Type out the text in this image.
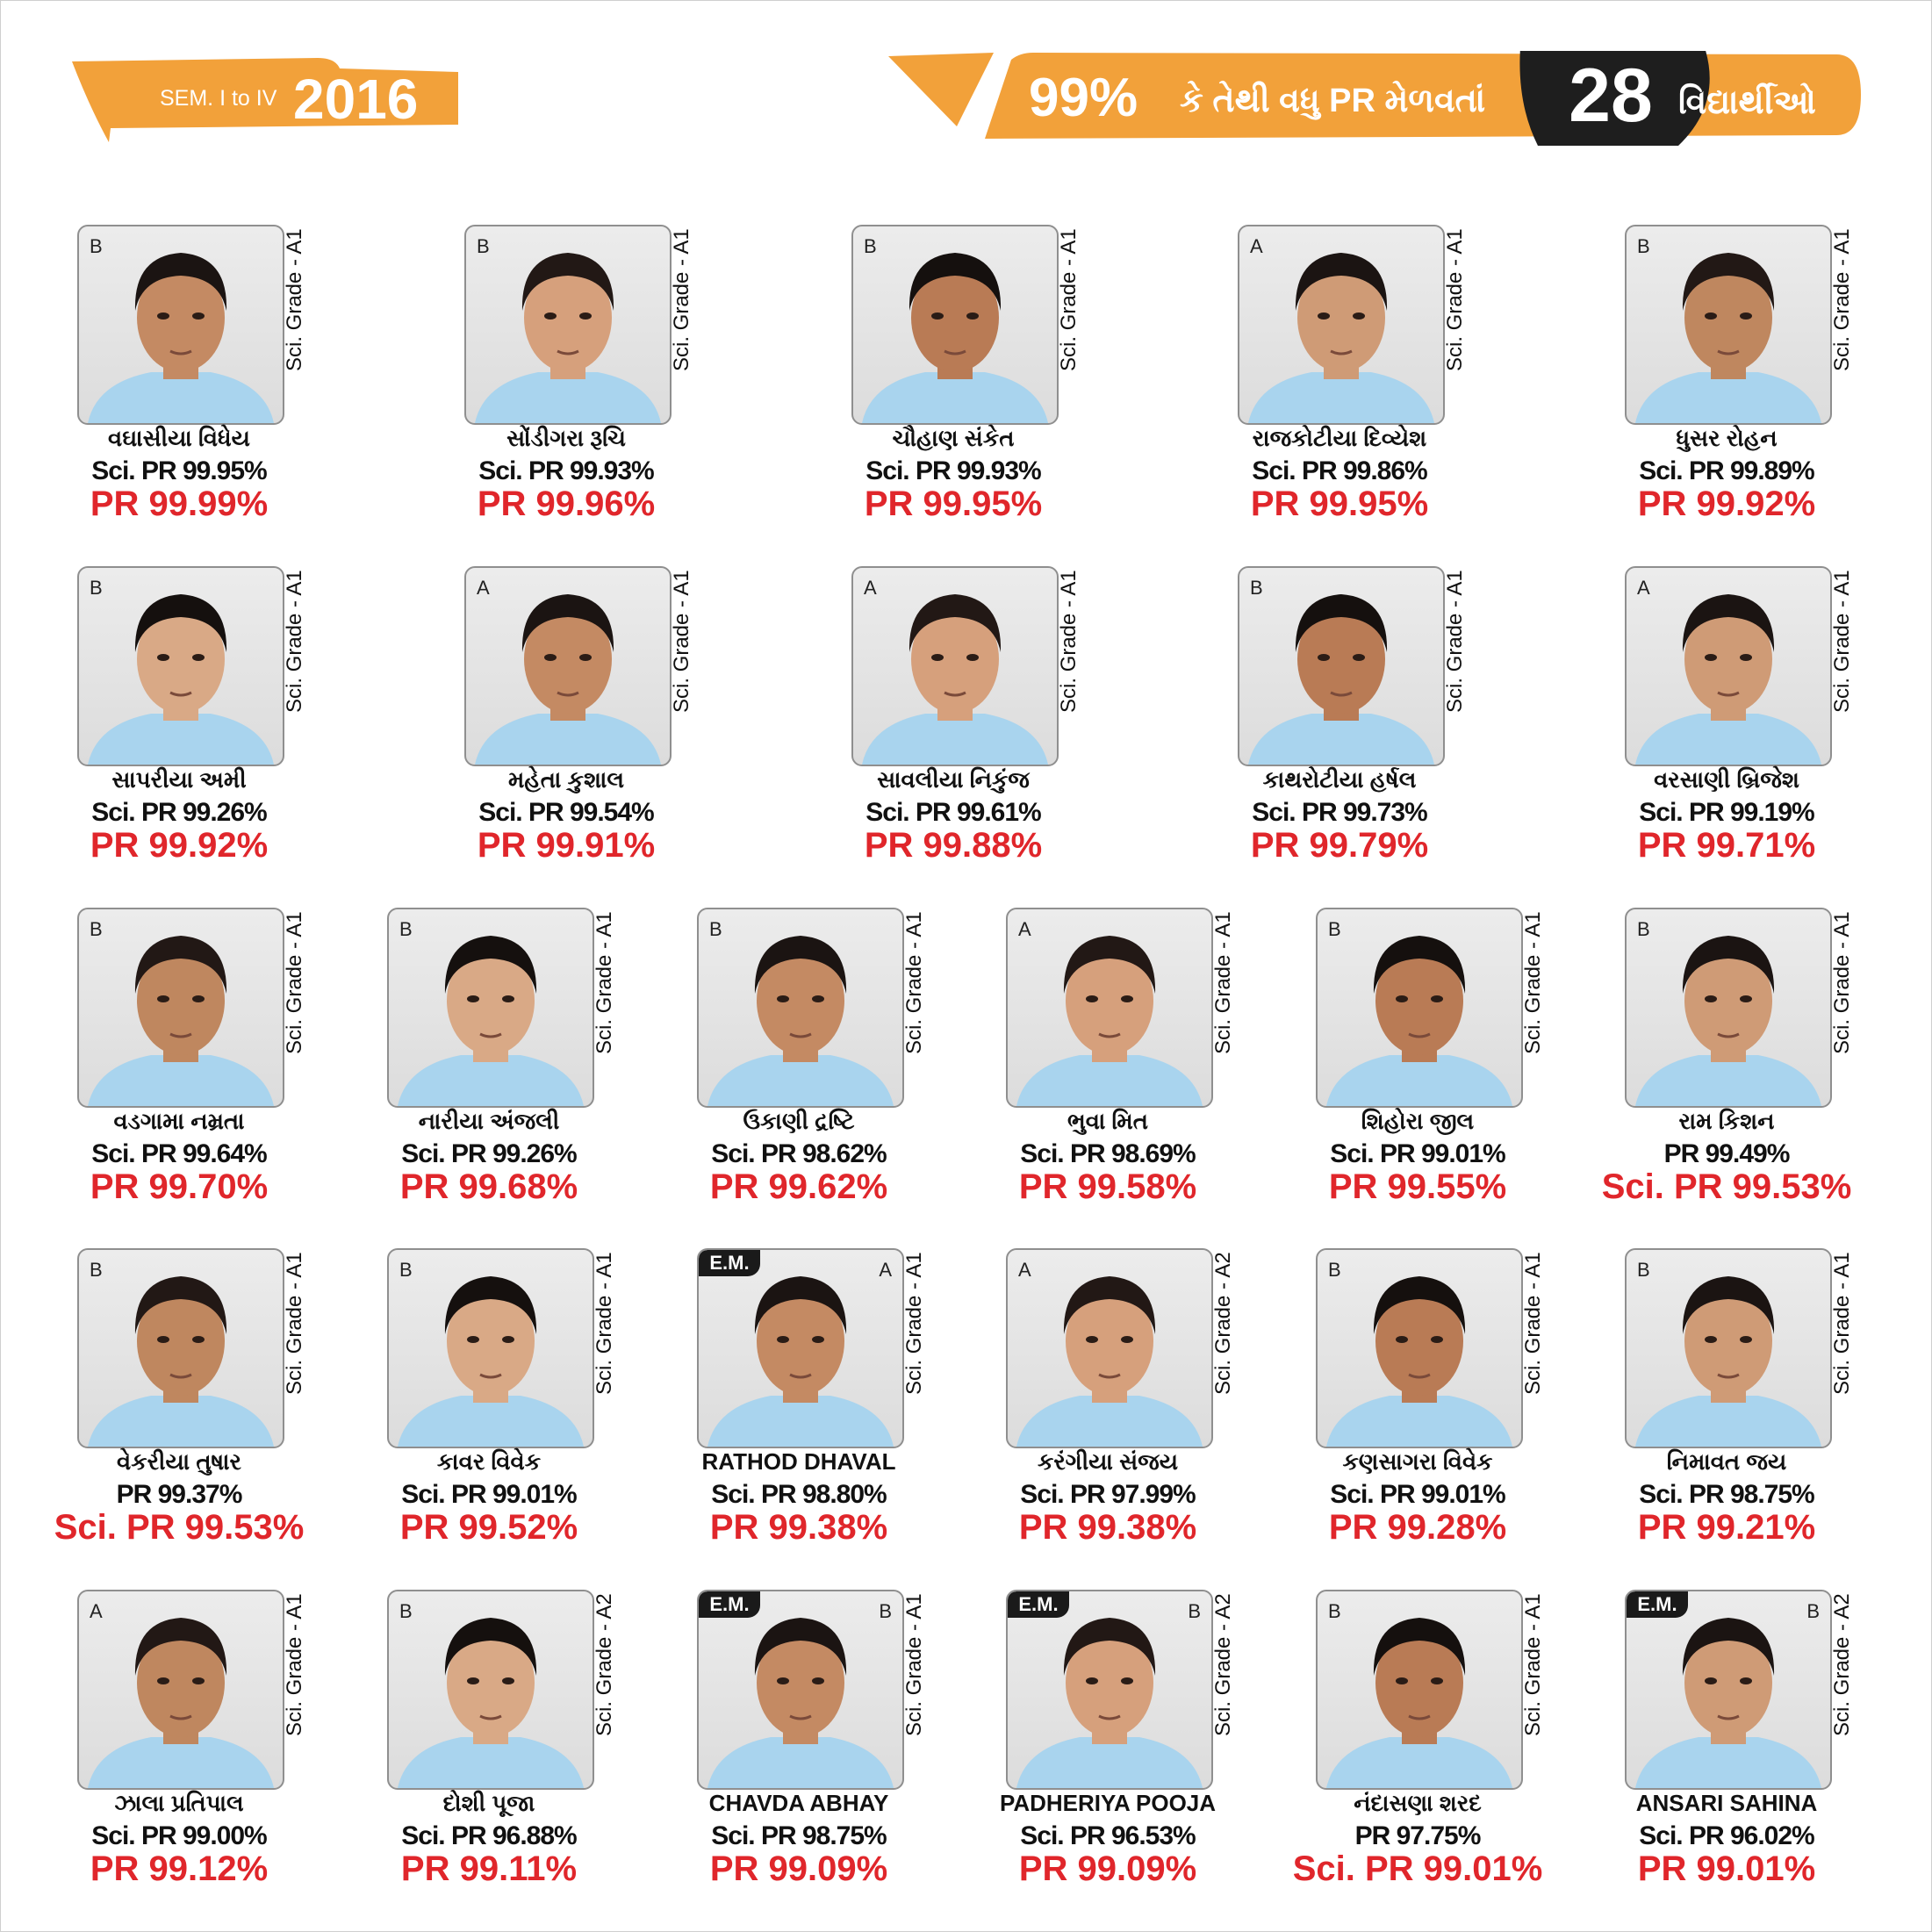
SEM. I to IV 2016	99% કે તેથી વધુ PR મેળવતાં	28 વિદ્યાર્થીઓ
B	Sci. Grade - A1
વઘાસીયા વિધેય
Sci. PR 99.95%
PR 99.99%
B	Sci. Grade - A1
સોંડીગરા રૂચિ
Sci. PR 99.93%
PR 99.96%
B	Sci. Grade - A1
ચૌહાણ સંકેત
Sci. PR 99.93%
PR 99.95%
A	Sci. Grade - A1
રાજકોટીયા દિવ્યેશ
Sci. PR 99.86%
PR 99.95%
B	Sci. Grade - A1
ધુસર રોહન
Sci. PR 99.89%
PR 99.92%
B	Sci. Grade - A1
સાપરીયા અમી
Sci. PR 99.26%
PR 99.92%
A	Sci. Grade - A1
મહેતા કુશાલ
Sci. PR 99.54%
PR 99.91%
A	Sci. Grade - A1
સાવલીયા નિકુંજ
Sci. PR 99.61%
PR 99.88%
B	Sci. Grade - A1
કાથરોટીયા હર્ષલ
Sci. PR 99.73%
PR 99.79%
A	Sci. Grade - A1
વરસાણી બ્રિજેશ
Sci. PR 99.19%
PR 99.71%
B	Sci. Grade - A1
વડગામા નમ્રતા
Sci. PR 99.64%
PR 99.70%
B	Sci. Grade - A1
નારીયા અંજલી
Sci. PR 99.26%
PR 99.68%
B	Sci. Grade - A1
ઉકાણી દ્રષ્ટિ
Sci. PR 98.62%
PR 99.62%
A	Sci. Grade - A1
ભુવા મિત
Sci. PR 98.69%
PR 99.58%
B	Sci. Grade - A1
શિહોરા જીલ
Sci. PR 99.01%
PR 99.55%
B	Sci. Grade - A1
રામ કિશન
PR 99.49%
Sci. PR 99.53%
B	Sci. Grade - A1
વેકરીયા તુષાર
PR 99.37%
Sci. PR 99.53%
B	Sci. Grade - A1
કાવર વિવેક
Sci. PR 99.01%
PR 99.52%
A
E.M.	Sci. Grade - A1
RATHOD DHAVAL
Sci. PR 98.80%
PR 99.38%
A	Sci. Grade - A2
કરંગીયા સંજય
Sci. PR 97.99%
PR 99.38%
B	Sci. Grade - A1
કણસાગરા વિવેક
Sci. PR 99.01%
PR 99.28%
B	Sci. Grade - A1
નિમાવત જય
Sci. PR 98.75%
PR 99.21%
A	Sci. Grade - A1
ઝાલા પ્રતિપાલ
Sci. PR 99.00%
PR 99.12%
B	Sci. Grade - A2
દોશી પૂજા
Sci. PR 96.88%
PR 99.11%
B
E.M.	Sci. Grade - A1
CHAVDA ABHAY
Sci. PR 98.75%
PR 99.09%
B
E.M.	Sci. Grade - A2
PADHERIYA POOJA
Sci. PR 96.53%
PR 99.09%
B	Sci. Grade - A1
નંદાસણા શરદ
PR 97.75%
Sci. PR 99.01%
B
E.M.	Sci. Grade - A2
ANSARI SAHINA
Sci. PR 96.02%
PR 99.01%
